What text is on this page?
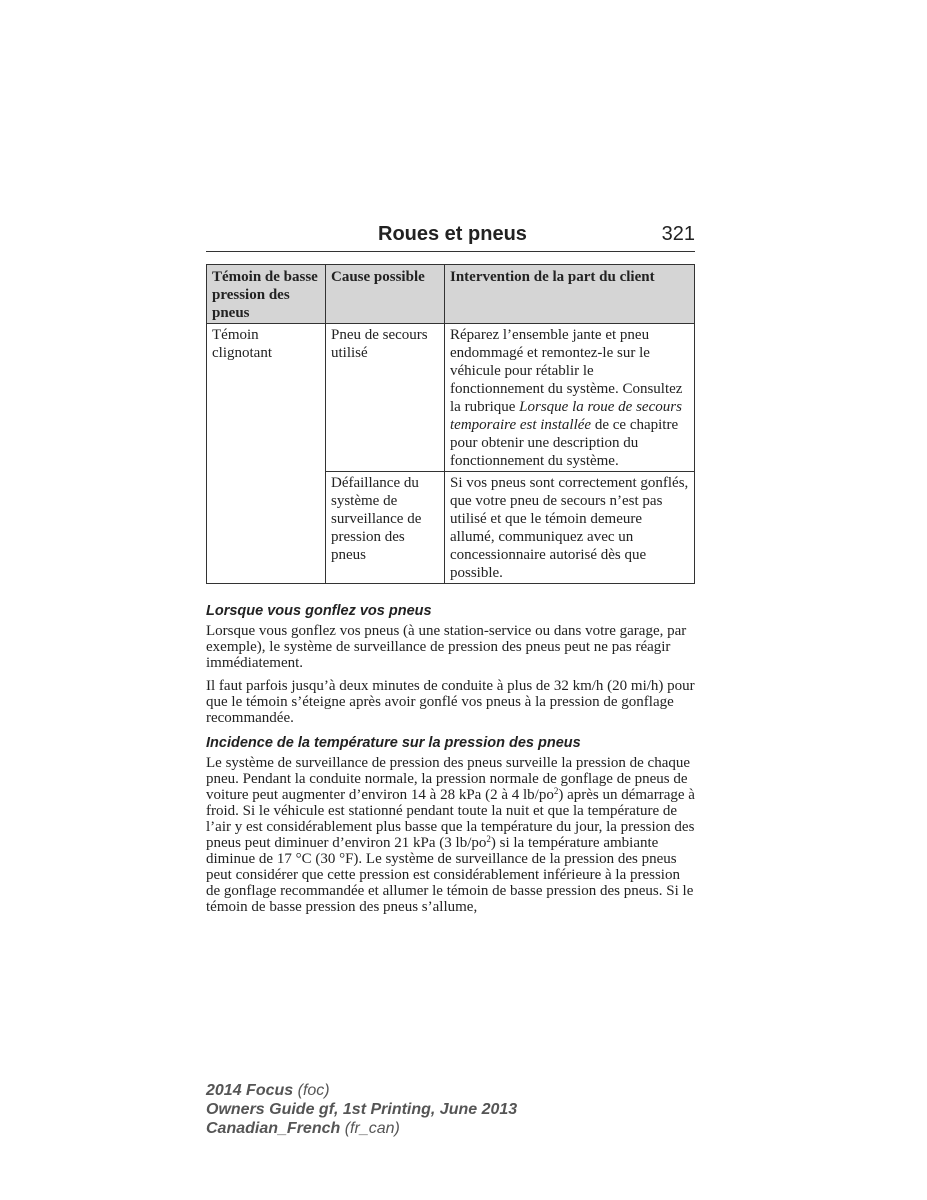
Roues et pneus	321
Témoin de basse pression des pneus	Cause possible	Intervention de la part du client
Témoin clignotant	Pneu de secours utilisé	Réparez l’ensemble jante et pneu endommagé et remontez-le sur le véhicule pour rétablir le fonctionnement du système. Consultez la rubrique Lorsque la roue de secours temporaire est installée de ce chapitre pour obtenir une description du fonctionnement du système.
	Défaillance du système de surveillance de pression des pneus	Si vos pneus sont correctement gonflés, que votre pneu de secours n’est pas utilisé et que le témoin demeure allumé, communiquez avec un concessionnaire autorisé dès que possible.
Lorsque vous gonflez vos pneus

Lorsque vous gonflez vos pneus (à une station-service ou dans votre garage, par exemple), le système de surveillance de pression des pneus peut ne pas réagir immédiatement.

Il faut parfois jusqu’à deux minutes de conduite à plus de 32 km/h (20 mi/h) pour que le témoin s’éteigne après avoir gonflé vos pneus à la pression de gonflage recommandée.

Incidence de la température sur la pression des pneus

Le système de surveillance de pression des pneus surveille la pression de chaque pneu. Pendant la conduite normale, la pression normale de gonflage de pneus de voiture peut augmenter d’environ 14 à 28 kPa (2 à 4 $lb/po^2$) après un démarrage à froid. Si le véhicule est stationné pendant toute la nuit et que la température de l’air y est considérablement plus basse que la température du jour, la pression des pneus peut diminuer d’environ 21 kPa (3 $lb/po^2$) si la température ambiante diminue de 17 °C (30 °F). Le système de surveillance de la pression des pneus peut considérer que cette pression est considérablement inférieure à la pression de gonflage recommandée et allumer le témoin de basse pression des pneus. Si le témoin de basse pression des pneus s’allume,

2014 Focus (foc)
Owners Guide gf, 1st Printing, June 2013
Canadian_French (fr_can)
